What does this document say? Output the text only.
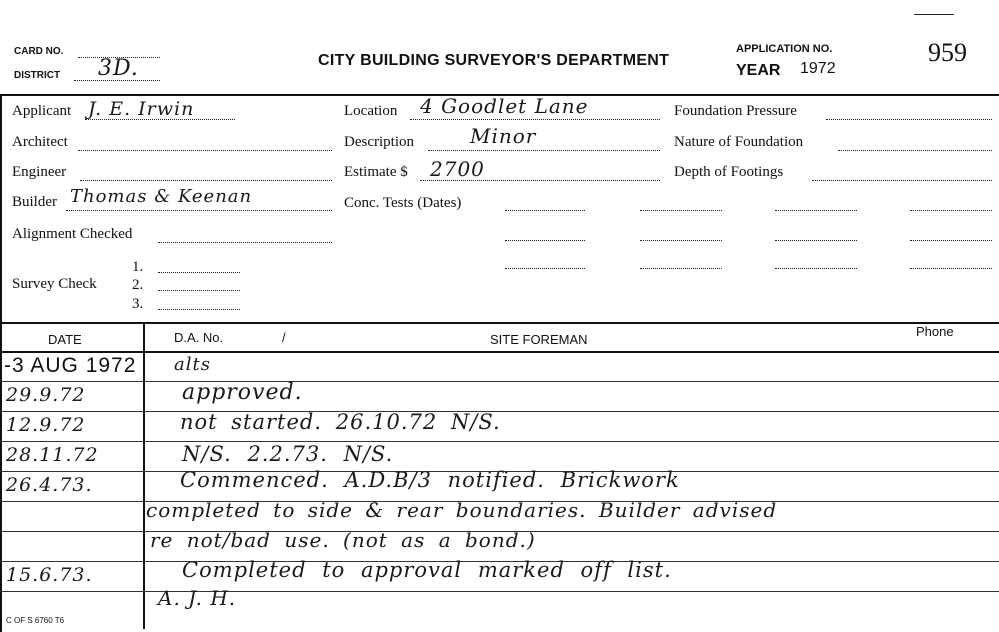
CARD NO.
DISTRICT 3D.	CITY BUILDING SURVEYOR'S DEPARTMENT
APPLICATION NO.
YEAR 1972
959
Applicant J. E. Irwin
Architect
Engineer
Builder Thomas & Keenan
Alignment Checked
Survey Check
1.
2.
3.
Location 4 Goodlet Lane
Description	Minor
Estimate $ 2700
Conc. Tests (Dates)
Foundation Pressure
Nature of Foundation
Depth of Footings
DATE	D.A. No.	/	SITE FOREMAN
Phone
-3 AUG 1972 alts
29.9.72	approved.
12.9.72	not started. 26.10.72 N/S.
28.11.72	N/S. 2.2.73. N/S.
26.4.73.	Commenced. A.D.B/3 notified. Brickwork
completed to side & rear boundaries. Builder advised
re not/bad use. (not as a bond.)
15.6.73.	Completed to approval marked off list.
A. J. H.
C OF S 6760 T6
